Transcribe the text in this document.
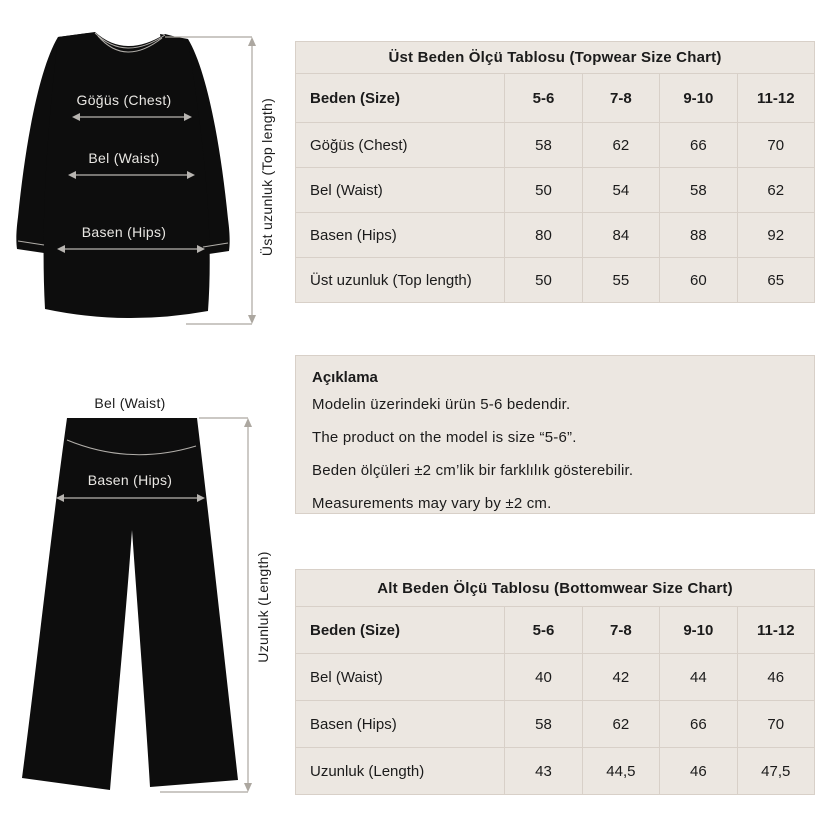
Göğüs (Chest)
Bel (Waist)
Basen (Hips)	Üst uzunluk (Top length)
Bel (Waist)
Basen (Hips)
Uzunluk (Length)
Üst Beden Ölçü Tablosu (Topwear Size Chart)
Beden (Size)	5-6	7-8	9-10	11-12
Göğüs (Chest)	58	62	66	70
Bel (Waist)	50	54	58	62
Basen (Hips)	80	84	88	92
Üst uzunluk (Top length)	50	55	60	65

Açıklama

Modelin üzerindeki ürün 5-6 bedendir.

The product on the model is size “5-6”.

Beden ölçüleri ±2 cm’lik bir farklılık gösterebilir.

Measurements may vary by ±2 cm.

Alt Beden Ölçü Tablosu (Bottomwear Size Chart)
Beden (Size)	5-6	7-8	9-10	11-12
Bel (Waist)	40	42	44	46
Basen (Hips)	58	62	66	70
Uzunluk (Length)	43	44,5	46	47,5
